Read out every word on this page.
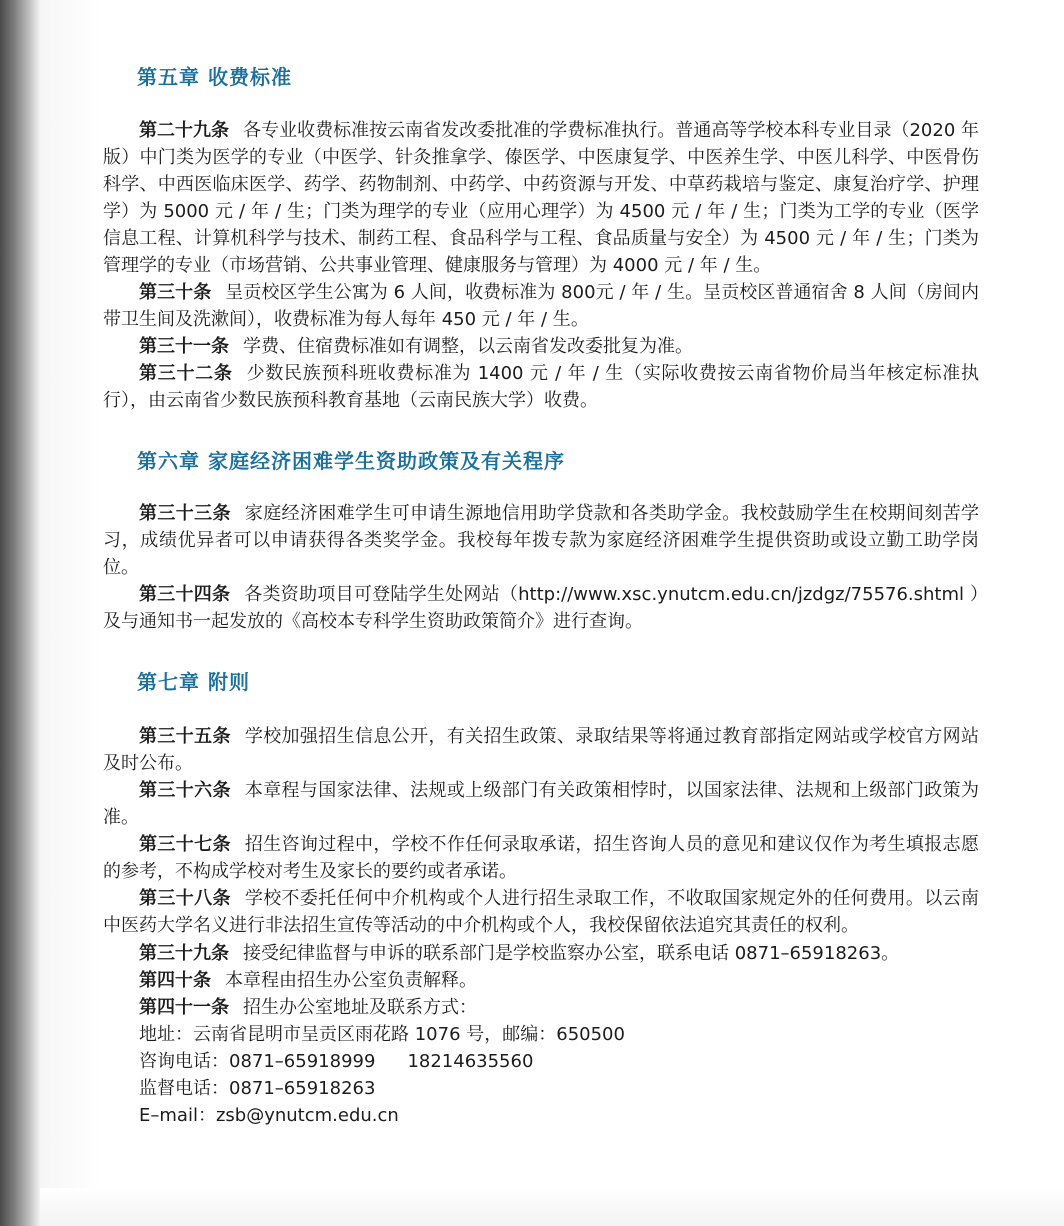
第五章 收费标准

第二十九条 各专业收费标准按云南省发改委批准的学费标准执行。普通高等学校本科专业目录（2020 年版）中门类为医学的专业（中医学、针灸推拿学、傣医学、中医康复学、中医养生学、中医儿科学、中医骨伤科学、中西医临床医学、药学、药物制剂、中药学、中药资源与开发、中草药栽培与鉴定、康复治疗学、护理学）为 5000 元 / 年 / 生；门类为理学的专业（应用心理学）为 4500 元 / 年 / 生；门类为工学的专业（医学信息工程、计算机科学与技术、制药工程、食品科学与工程、食品质量与安全）为 4500 元 / 年 / 生；门类为管理学的专业（市场营销、公共事业管理、健康服务与管理）为 4000 元 / 年 / 生。

第三十条 呈贡校区学生公寓为 6 人间，收费标准为 800元 / 年 / 生。呈贡校区普通宿舍 8 人间（房间内带卫生间及洗漱间），收费标准为每人每年 450 元 / 年 / 生。

第三十一条 学费、住宿费标准如有调整，以云南省发改委批复为准。

第三十二条 少数民族预科班收费标准为 1400 元 / 年 / 生（实际收费按云南省物价局当年核定标准执行），由云南省少数民族预科教育基地（云南民族大学）收费。

第六章 家庭经济困难学生资助政策及有关程序

第三十三条 家庭经济困难学生可申请生源地信用助学贷款和各类助学金。我校鼓励学生在校期间刻苦学习，成绩优异者可以申请获得各类奖学金。我校每年拨专款为家庭经济困难学生提供资助或设立勤工助学岗位。

第三十四条 各类资助项目可登陆学生处网站（http://www.xsc.ynutcm.edu.cn/jzdgz/75576.shtml ）及与通知书一起发放的《高校本专科学生资助政策简介》进行查询。

第七章 附则

第三十五条 学校加强招生信息公开，有关招生政策、录取结果等将通过教育部指定网站或学校官方网站及时公布。

第三十六条 本章程与国家法律、法规或上级部门有关政策相悖时，以国家法律、法规和上级部门政策为准。

第三十七条 招生咨询过程中，学校不作任何录取承诺，招生咨询人员的意见和建议仅作为考生填报志愿的参考，不构成学校对考生及家长的要约或者承诺。

第三十八条 学校不委托任何中介机构或个人进行招生录取工作，不收取国家规定外的任何费用。以云南中医药大学名义进行非法招生宣传等活动的中介机构或个人，我校保留依法追究其责任的权利。

第三十九条 接受纪律监督与申诉的联系部门是学校监察办公室，联系电话 0871–65918263。
第四十条 本章程由招生办公室负责解释。
第四十一条 招生办公室地址及联系方式：
地址：云南省昆明市呈贡区雨花路 1076 号，邮编：650500
咨询电话：0871–65918999 18214635560
监督电话：0871–65918263
E–mail：zsb@ynutcm.edu.cn
